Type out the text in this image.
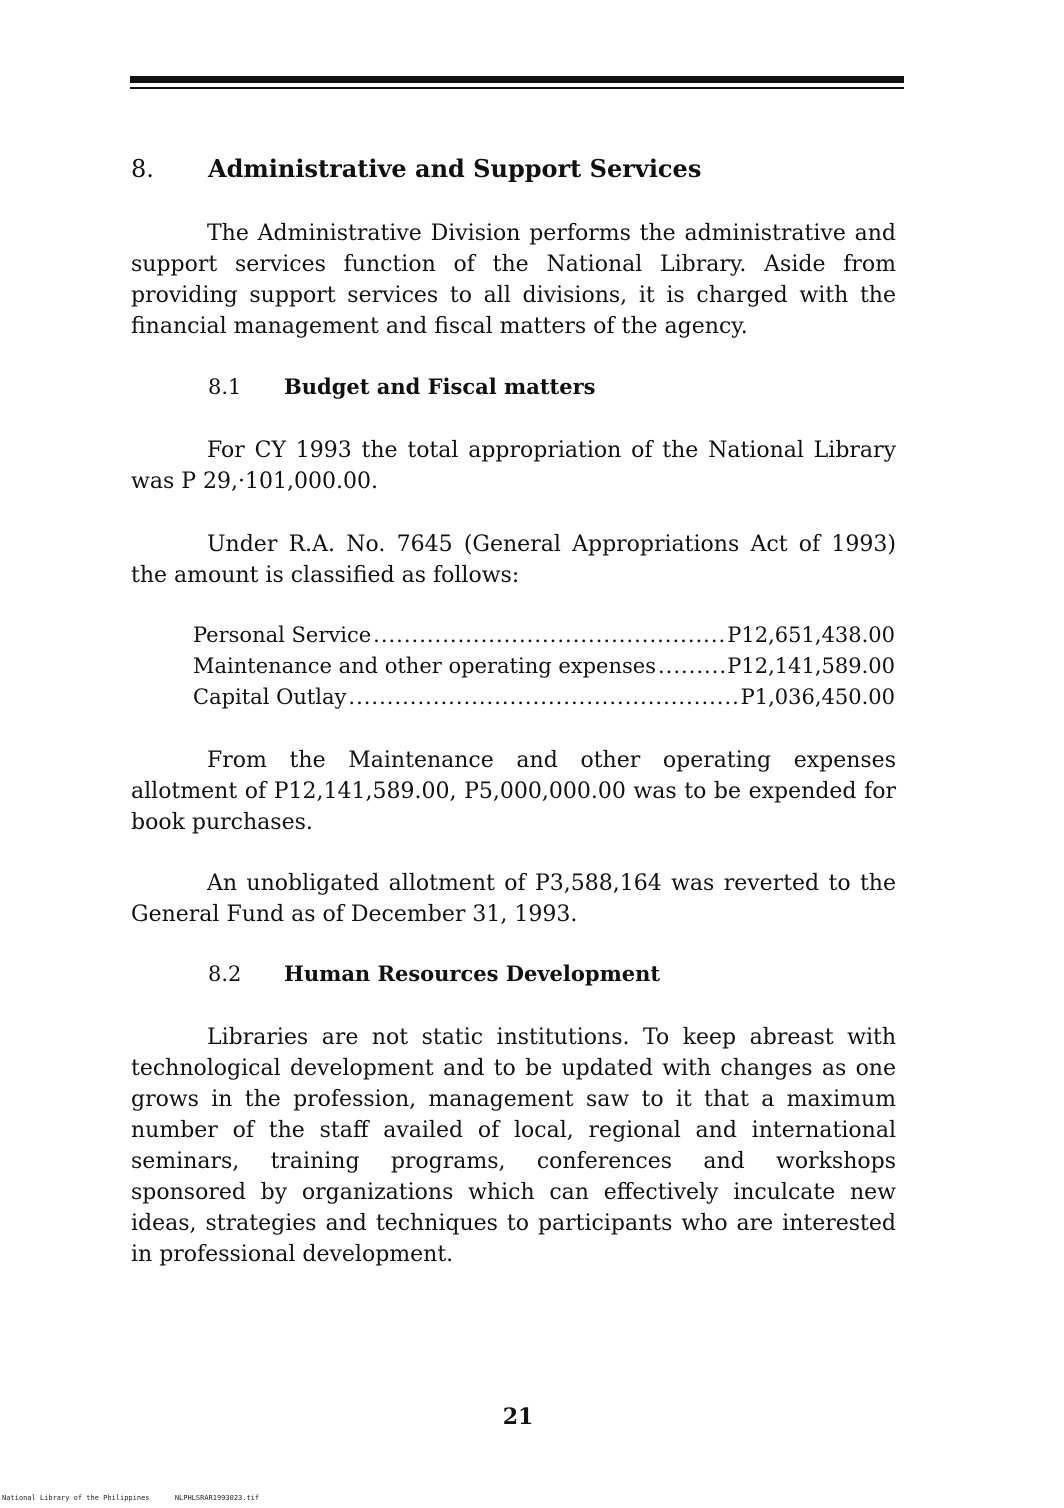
8. Administrative and Support Services

The Administrative Division performs the administrative and support services function of the National Library. Aside from providing support services to all divisions, it is charged with the financial management and fiscal matters of the agency.

8.1 Budget and Fiscal matters

For CY 1993 the total appropriation of the National Library was P 29,·101,000.00.

Under R.A. No. 7645 (General Appropriations Act of 1993) the amount is classified as follows:

Personal Service .....	P12,651,438.00
Maintenance and other operating expenses .....	P12,141,589.00
Capital Outlay .....	P1,036,450.00

From the Maintenance and other operating expenses allotment of P12,141,589.00, P5,000,000.00 was to be expended for book purchases.

An unobligated allotment of P3,588,164 was reverted to the General Fund as of December 31, 1993.

8.2 Human Resources Development

Libraries are not static institutions. To keep abreast with technological development and to be updated with changes as one grows in the profession, management saw to it that a maximum number of the staff availed of local, regional and international seminars, training programs, conferences and workshops sponsored by organizations which can effectively inculcate new ideas, strategies and techniques to participants who are interested in professional development.

21
National Library of the Philippines	NLPHLSRAR1993023.tif
